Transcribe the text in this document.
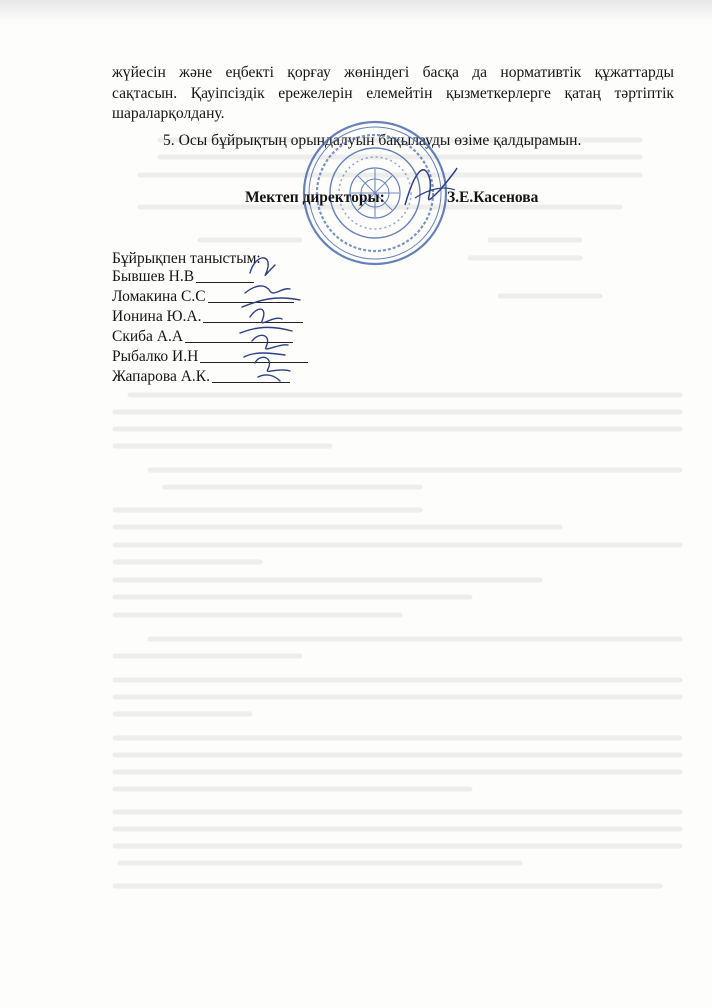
жүйесін және еңбекті қорғау жөніндегі басқа да нормативтік құжаттарды
сақтасын. Қауіпсіздік ережелерін елемейтін қызметкерлерге қатаң тәртіптік
шараларқолдану.

5. Осы бұйрықтың орындалуын бақылауды өзіме қалдырамын.

Мектеп директоры:	З.Е.Касенова
Бұйрықпен таныстым:
Бывшев Н.В
Ломакина С.С
Ионина Ю.А.
Скиба А.А
Рыбалко И.Н
Жапарова А.К.
